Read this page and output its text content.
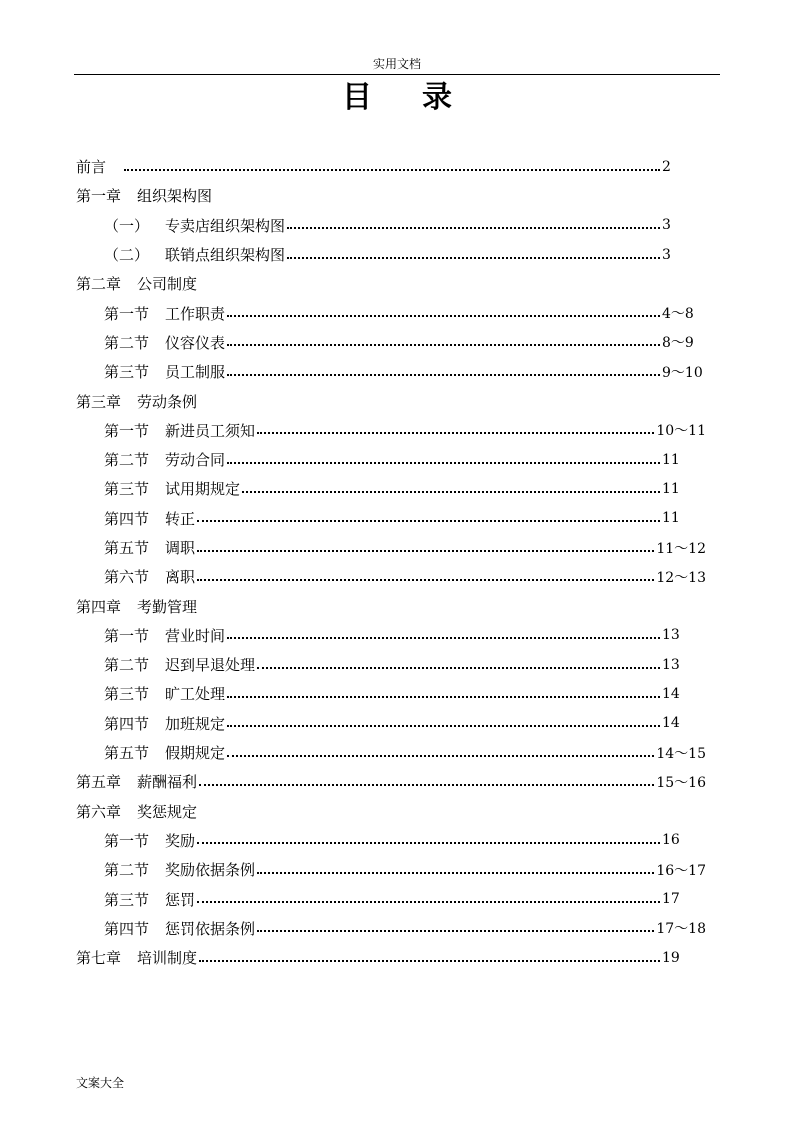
实用文档
目录
前言	2
第一章 组织架构图
（一） 专卖店组织架构图	3
（二） 联销点组织架构图	3
第二章 公司制度
第一节 工作职责	4～8
第二节 仪容仪表	8～9
第三节 员工制服	9～10
第三章 劳动条例
第一节 新进员工须知	10～11
第二节 劳动合同	11
第三节 试用期规定	11
第四节 转正	11
第五节 调职	11～12
第六节 离职	12～13
第四章 考勤管理
第一节 营业时间	13
第二节 迟到早退处理	13
第三节 旷工处理	14
第四节 加班规定	14
第五节 假期规定	14～15
第五章 薪酬福利	15～16
第六章 奖惩规定
第一节 奖励	16
第二节 奖励依据条例	16～17
第三节 惩罚	17
第四节 惩罚依据条例	17～18
第七章 培训制度	19
文案大全
